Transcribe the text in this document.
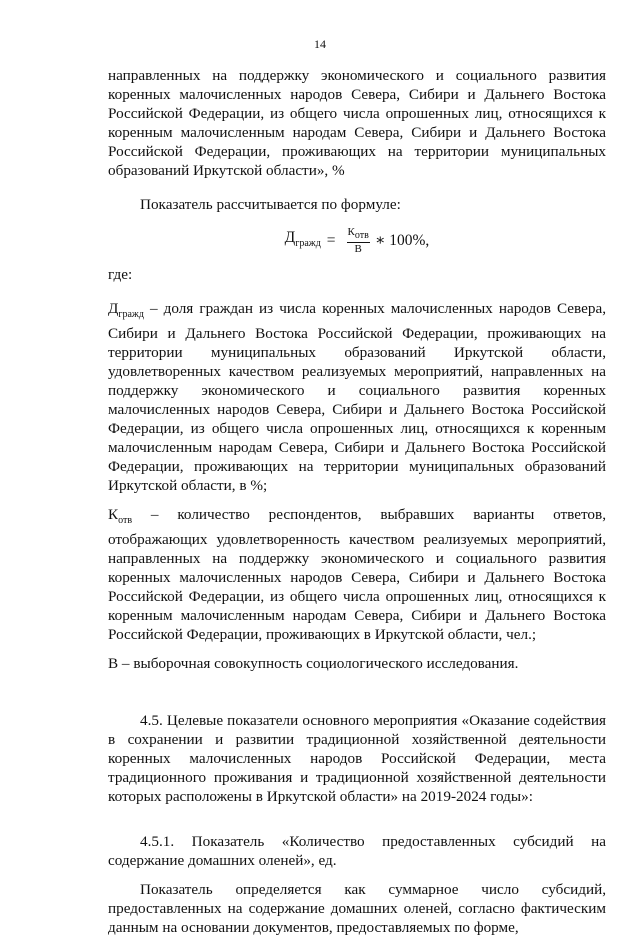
14

направленных на поддержку экономического и социального развития коренных малочисленных народов Севера, Сибири и Дальнего Востока Российской Федерации, из общего числа опрошенных лиц, относящихся к коренным малочисленным народам Севера, Сибири и Дальнего Востока Российской Федерации, проживающих на территории муниципальных образований Иркутской области», %

Показатель рассчитывается по формуле:

$Д_{гражд} = \frac{К_{отв}}{В}$ ∗ 100%,

где:

$Д_{гражд}$ – доля граждан из числа коренных малочисленных народов Севера, Сибири и Дальнего Востока Российской Федерации, проживающих на территории муниципальных образований Иркутской области, удовлетворенных качеством реализуемых мероприятий, направленных на поддержку экономического и социального развития коренных малочисленных народов Севера, Сибири и Дальнего Востока Российской Федерации, из общего числа опрошенных лиц, относящихся к коренным малочисленным народам Севера, Сибири и Дальнего Востока Российской Федерации, проживающих на территории муниципальных образований Иркутской области, в %;

$К_{отв}$ – количество респондентов, выбравших варианты ответов, отображающих удовлетворенность качеством реализуемых мероприятий, направленных на поддержку экономического и социального развития коренных малочисленных народов Севера, Сибири и Дальнего Востока Российской Федерации, из общего числа опрошенных лиц, относящихся к коренным малочисленным народам Севера, Сибири и Дальнего Востока Российской Федерации, проживающих в Иркутской области, чел.;

В – выборочная совокупность социологического исследования.

4.5. Целевые показатели основного мероприятия «Оказание содействия в сохранении и развитии традиционной хозяйственной деятельности коренных малочисленных народов Российской Федерации, места традиционного проживания и традиционной хозяйственной деятельности которых расположены в Иркутской области» на 2019-2024 годы»:

4.5.1. Показатель «Количество предоставленных субсидий на содержание домашних оленей», ед.

Показатель определяется как суммарное число субсидий, предоставленных на содержание домашних оленей, согласно фактическим данным на основании документов, предоставляемых по форме,
